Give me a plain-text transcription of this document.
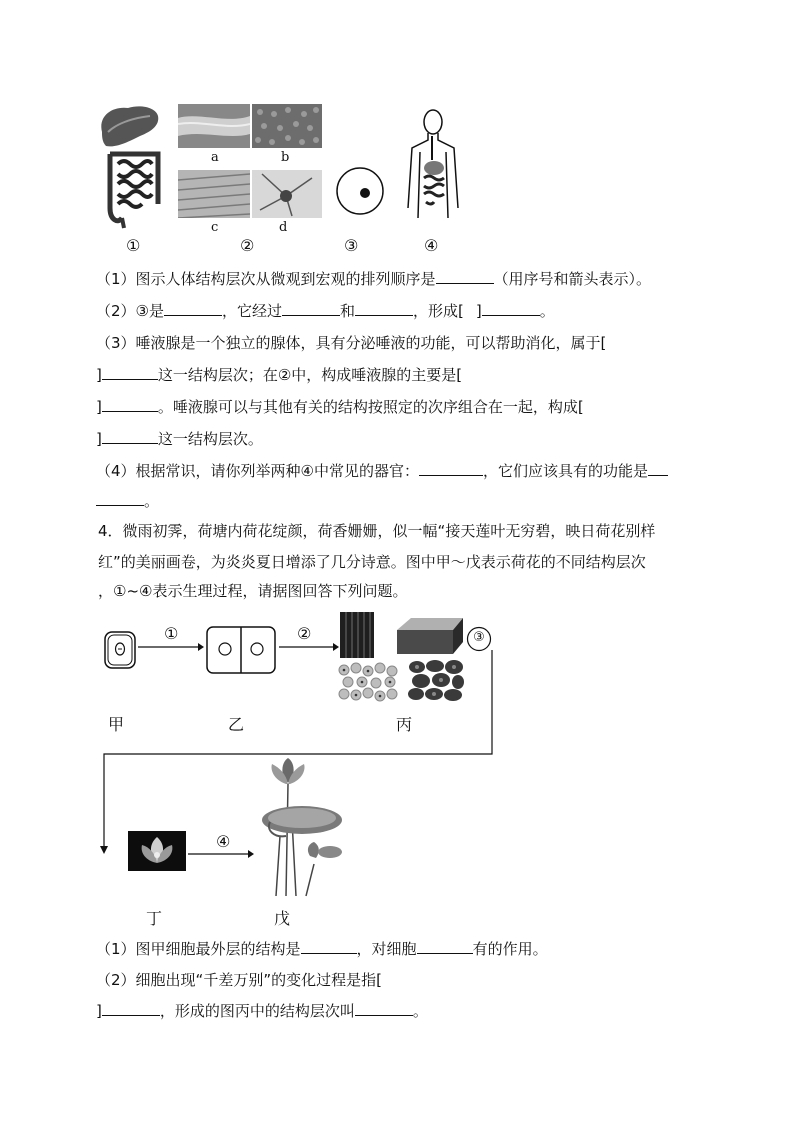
a	b
c	d
①	②	③	④
（1）图示人体结构层次从微观到宏观的排列顺序是	（用序号和箭头表示）。
（2）③是	，它经过	和	，形成[ ]	。
（3）唾液腺是一个独立的腺体，具有分泌唾液的功能，可以帮助消化，属于[
]	这一结构层次；在②中，构成唾液腺的主要是[
]	。唾液腺可以与其他有关的结构按照定的次序组合在一起，构成[
]	这一结构层次。
（4）根据常识，请你列举两种④中常见的器官：	，它们应该具有的功能是
。
4．微雨初霁，荷塘内荷花绽颜，荷香姗姗，似一幅“接天莲叶无穷碧，映日荷花别样
红”的美丽画卷，为炎炎夏日增添了几分诗意。图中甲～戊表示荷花的不同结构层次
，①~④表示生理过程，请据图回答下列问题。
①	②	③
④
甲	乙	丙
丁	戊
（1）图甲细胞最外层的结构是	，对细胞	有的作用。
（2）细胞出现“千差万别”的变化过程是指[
]	，形成的图丙中的结构层次叫	。
